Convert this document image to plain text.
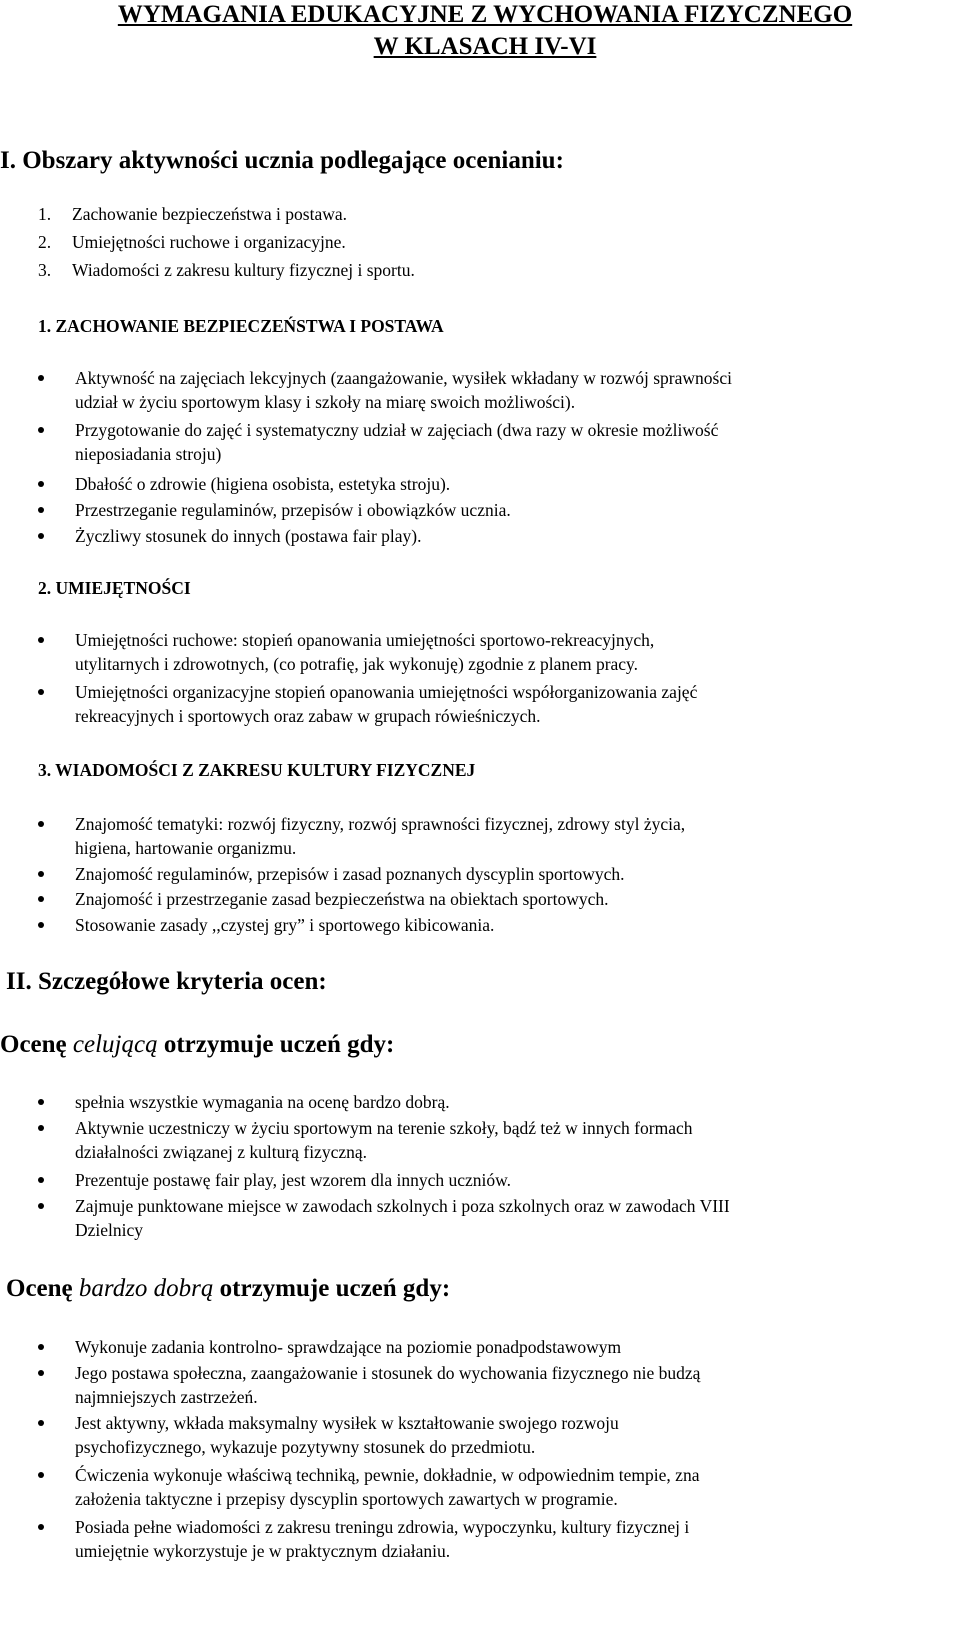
WYMAGANIA EDUKACYJNE Z WYCHOWANIA FIZYCZNEGO
W KLASACH IV-VI
I. Obszary aktywności ucznia podlegające ocenianiu:
1. Zachowanie bezpieczeństwa i postawa.
2. Umiejętności ruchowe i organizacyjne.
3. Wiadomości z zakresu kultury fizycznej i sportu.
1. ZACHOWANIE BEZPIECZEŃSTWA I POSTAWA
Aktywność na zajęciach lekcyjnych (zaangażowanie, wysiłek wkładany w rozwój sprawności
udział w życiu sportowym klasy i szkoły na miarę swoich możliwości).
Przygotowanie do zajęć i systematyczny udział w zajęciach (dwa razy w okresie możliwość
nieposiadania stroju)
Dbałość o zdrowie (higiena osobista, estetyka stroju).
Przestrzeganie regulaminów, przepisów i obowiązków ucznia.
Życzliwy stosunek do innych (postawa fair play).
2. UMIEJĘTNOŚCI
Umiejętności ruchowe: stopień opanowania umiejętności sportowo-rekreacyjnych,
utylitarnych i zdrowotnych, (co potrafię, jak wykonuję) zgodnie z planem pracy.
Umiejętności organizacyjne stopień opanowania umiejętności współorganizowania zajęć
rekreacyjnych i sportowych oraz zabaw w grupach rówieśniczych.
3. WIADOMOŚCI Z ZAKRESU KULTURY FIZYCZNEJ
Znajomość tematyki: rozwój fizyczny, rozwój sprawności fizycznej, zdrowy styl życia,
higiena, hartowanie organizmu.
Znajomość regulaminów, przepisów i zasad poznanych dyscyplin sportowych.
Znajomość i przestrzeganie zasad bezpieczeństwa na obiektach sportowych.
Stosowanie zasady ,,czystej gry” i sportowego kibicowania.
II. Szczegółowe kryteria ocen:
Ocenę celującą otrzymuje uczeń gdy:
spełnia wszystkie wymagania na ocenę bardzo dobrą.
Aktywnie uczestniczy w życiu sportowym na terenie szkoły, bądź też w innych formach
działalności związanej z kulturą fizyczną.
Prezentuje postawę fair play, jest wzorem dla innych uczniów.
Zajmuje punktowane miejsce w zawodach szkolnych i poza szkolnych oraz w zawodach VIII
Dzielnicy
Ocenę bardzo dobrą otrzymuje uczeń gdy:
Wykonuje zadania kontrolno- sprawdzające na poziomie ponadpodstawowym
Jego postawa społeczna, zaangażowanie i stosunek do wychowania fizycznego nie budzą
najmniejszych zastrzeżeń.
Jest aktywny, wkłada maksymalny wysiłek w kształtowanie swojego rozwoju
psychofizycznego, wykazuje pozytywny stosunek do przedmiotu.
Ćwiczenia wykonuje właściwą techniką, pewnie, dokładnie, w odpowiednim tempie, zna
założenia taktyczne i przepisy dyscyplin sportowych zawartych w programie.
Posiada pełne wiadomości z zakresu treningu zdrowia, wypoczynku, kultury fizycznej i
umiejętnie wykorzystuje je w praktycznym działaniu.
